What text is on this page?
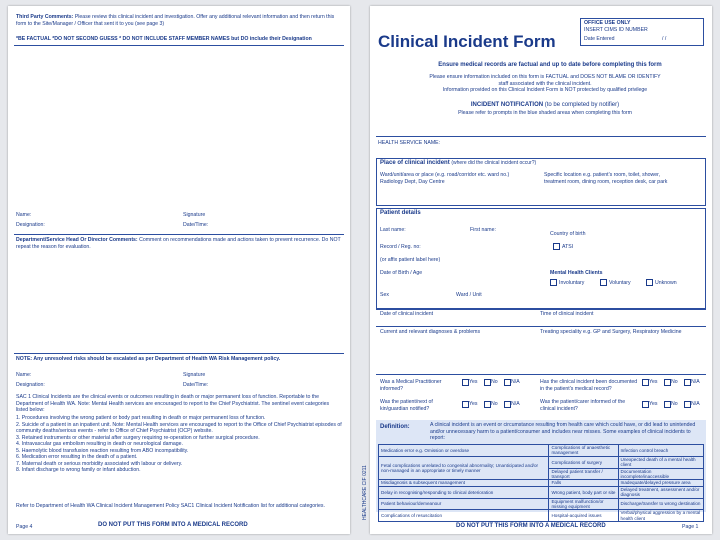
Third Party Comments: Please review this clinical incident and investigation. Offer any additional relevant information and then return this form to the Site/Manager / Officer that sent it to you (see page 3)
*BE FACTUAL *DO NOT SECOND GUESS * DO NOT INCLUDE STAFF MEMBER NAMES but DO include their Designation
Name:	Signature
Designation:	Date/Time:
Department/Service Head Or Director Comments: Comment on recommendations made and actions taken to prevent recurrence. Do NOT repeat the reason for evaluation.
NOTE: Any unresolved risks should be escalated as per Department of Health WA Risk Management policy.
Name:	Signature
Designation:	Date/Time:
SAC 1 Clinical Incidents are the clinical events or outcomes resulting in death or major permanent loss of function. Reportable to the Department of Health WA. Note: Mental Health services are encouraged to report to the Chief Psychiatrist. The sentinel event categories listed below:
1. Procedures involving the wrong patient or body part resulting in death or major permanent loss of function.
2. Suicide of a patient in an inpatient unit. Note: Mental Health services are encouraged to report to the Office of Chief Psychiatrist episodes of community deaths/serious events - refer to Office of Chief Psychiatrist (OCP) website.
3. Retained instruments or other material after surgery requiring re-operation or further surgical procedure.
4. Intravascular gas embolism resulting in death or neurological damage.
5. Haemolytic blood transfusion reaction resulting from ABO incompatibility.
6. Medication error resulting in the death of a patient.
7. Maternal death or serious morbidity associated with labour or delivery.
8. Infant discharge to wrong family or infant abduction.
Refer to Department of Health WA Clinical Incident Management Policy SAC1 Clinical Incident Notification list for additional categories.
Page 4	DO NOT PUT THIS FORM INTO A MEDICAL RECORD
OFFICE USE ONLY
INSERT CIMS ID NUMBER
Date Entered	/ /
Clinical Incident Form
Ensure medical records are factual and up to date before completing this form
Please ensure information included on this form is FACTUAL and DOES NOT BLAME OR IDENTIFY
staff associated with the clinical incident.
Information provided on this Clinical Incident Form is NOT protected by qualified privilege
INCIDENT NOTIFICATION (to be completed by notifier)
Please refer to prompts in the blue shaded areas when completing this form
HEALTH SERVICE NAME:
Place of clinical incident (where did the clinical incident occur?)
Ward/unit/area or place (e.g. road/corridor etc. ward no.)
Radiology Dept, Day Centre
Specific location e.g. patient's room, toilet, shower,
treatment room, dining room, reception desk, car park
Patient details
Last name:	First name:
Country of birth
Record / Reg. no:	ATSI
(or affix patient label here)
Date of Birth / Age	Mental Health Clients
Involuntary	Voluntary	Unknown
Sex	Ward / Unit
Date of clinical incident	Time of clinical incident
Current and relevant diagnoses & problems	Treating speciality e.g. GP and Surgery, Respiratory Medicine
Was a Medical Practitioner informed?
Yes	No	N/A	Has the clinical incident been documented in the patient's medical record?
Yes	No	N/A
Was the patient/next of kin/guardian notified?
Yes	No	N/A	Was the patient/carer informed of the clinical incident?
Yes	No	N/A
Definition:	A clinical incident is an event or circumstance resulting from health care which could have, or did lead to unintended and/or unnecessary harm to a patient/consumer and includes near misses. Some examples of clinical incidents to report:
Medication error e.g. Omission or overdose	Complications of anaesthetic management	Infection control breach
Fetal complications unrelated to congenital abnormality; Unanticipated and/or non-managed in an appropriate or timely manner	Complications of surgery	Unexpected death of a mental health client
	Delayed patient transfer / transport	Documentation incomplete/inaccessible
Misdiagnosis & subsequent management	Falls	Inadequate/delayed pressure area
Delay in recognising/responding to clinical deterioration	Wrong patient, body part or site	Delayed treatment, assessment and/or diagnosis
Patient behaviour/demeanour	Equipment malfunction/or missing equipment	Discharge/transfer to wrong destination
Complications of resuscitation	Hospital-acquired issues	Verbal/physical aggression by a mental health client
DO NOT PUT THIS FORM INTO A MEDICAL RECORD	Page 1
HEALTHCARE CIF 0211
